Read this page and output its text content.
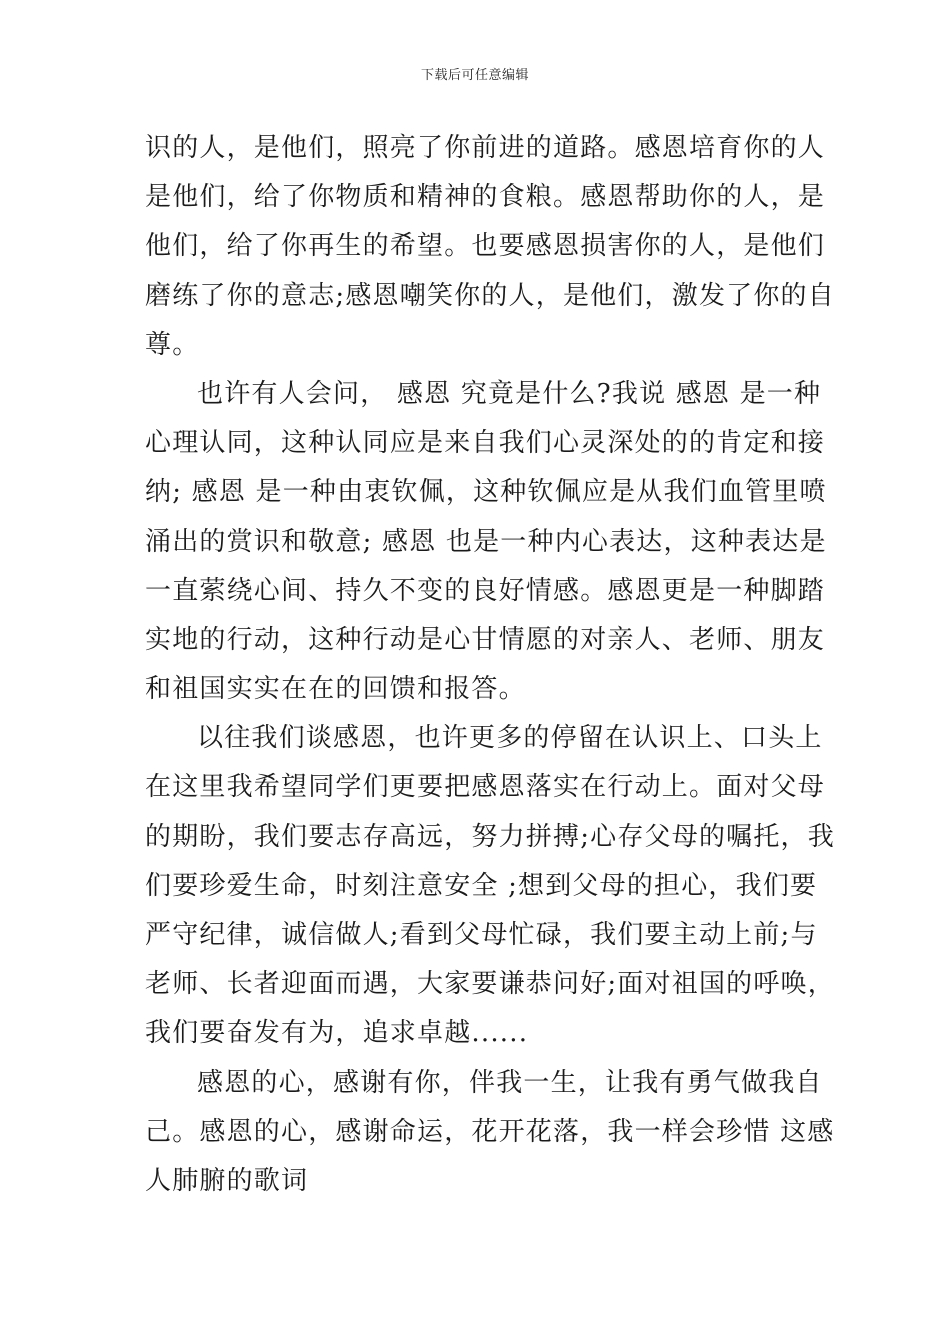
下载后可任意编辑
识的人，是他们，照亮了你前进的道路。感恩培育你的人
是他们，给了你物质和精神的食粮。感恩帮助你的人，是
他们，给了你再生的希望。也要感恩损害你的人，是他们
磨练了你的意志;感恩嘲笑你的人，是他们，激发了你的自
尊。
也许有人会问， 感恩 究竟是什么?我说 感恩 是一种
心理认同，这种认同应是来自我们心灵深处的的肯定和接
纳; 感恩 是一种由衷钦佩，这种钦佩应是从我们血管里喷
涌出的赏识和敬意; 感恩 也是一种内心表达，这种表达是
一直萦绕心间、持久不变的良好情感。感恩更是一种脚踏
实地的行动，这种行动是心甘情愿的对亲人、老师、朋友
和祖国实实在在的回馈和报答。
以往我们谈感恩，也许更多的停留在认识上、口头上
在这里我希望同学们更要把感恩落实在行动上。面对父母
的期盼，我们要志存高远，努力拼搏;心存父母的嘱托，我
们要珍爱生命，时刻注意安全 ;想到父母的担心，我们要
严守纪律，诚信做人;看到父母忙碌，我们要主动上前;与
老师、长者迎面而遇，大家要谦恭问好;面对祖国的呼唤，
我们要奋发有为，追求卓越......
感恩的心，感谢有你，伴我一生，让我有勇气做我自
己。感恩的心，感谢命运，花开花落，我一样会珍惜 这感
人肺腑的歌词
